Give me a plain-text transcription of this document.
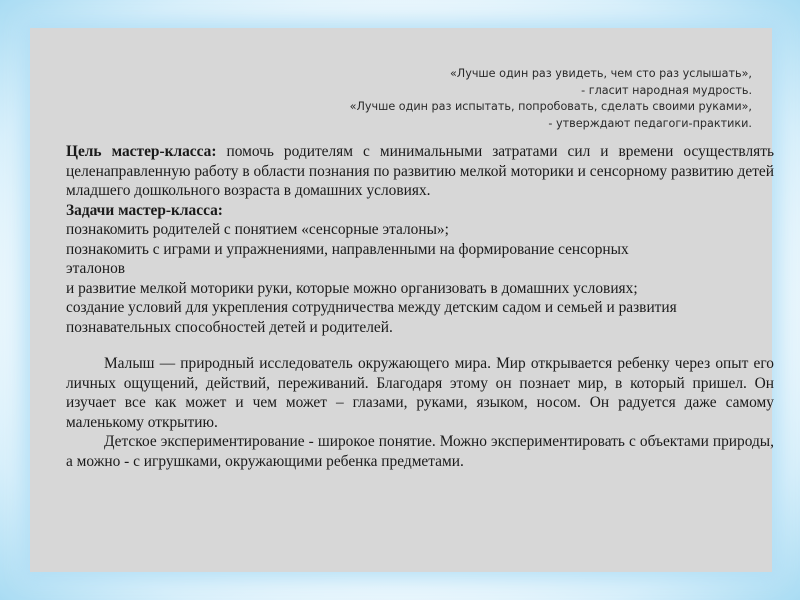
«Лучше один раз увидеть, чем сто раз услышать»,
- гласит народная мудрость.
«Лучше один раз испытать, попробовать, сделать своими руками»,
- утверждают педагоги-практики.

Цель мастер-класса: помочь родителям с минимальными затратами сил и времени осуществлять целенаправленную работу в области познания по развитию мелкой моторики и сенсорному развитию детей младшего дошкольного возраста в домашних условиях.

Задачи мастер-класса:

познакомить родителей с понятием «сенсорные эталоны»;

познакомить с играми и упражнениями, направленными на формирование сенсорных

эталонов

и развитие мелкой моторики руки, которые можно организовать в домашних условиях;

создание условий для укрепления сотрудничества между детским садом и семьей и развития познавательных способностей детей и родителей.

Малыш — природный исследователь окружающего мира. Мир открывается ребенку через опыт его личных ощущений, действий, переживаний. Благодаря этому он познает мир, в который пришел. Он изучает все как может и чем может – глазами, руками, языком, носом. Он радуется даже самому маленькому открытию.

Детское экспериментирование - широкое понятие. Можно экспериментировать с объектами природы, а можно - с игрушками, окружающими ребенка предметами.
